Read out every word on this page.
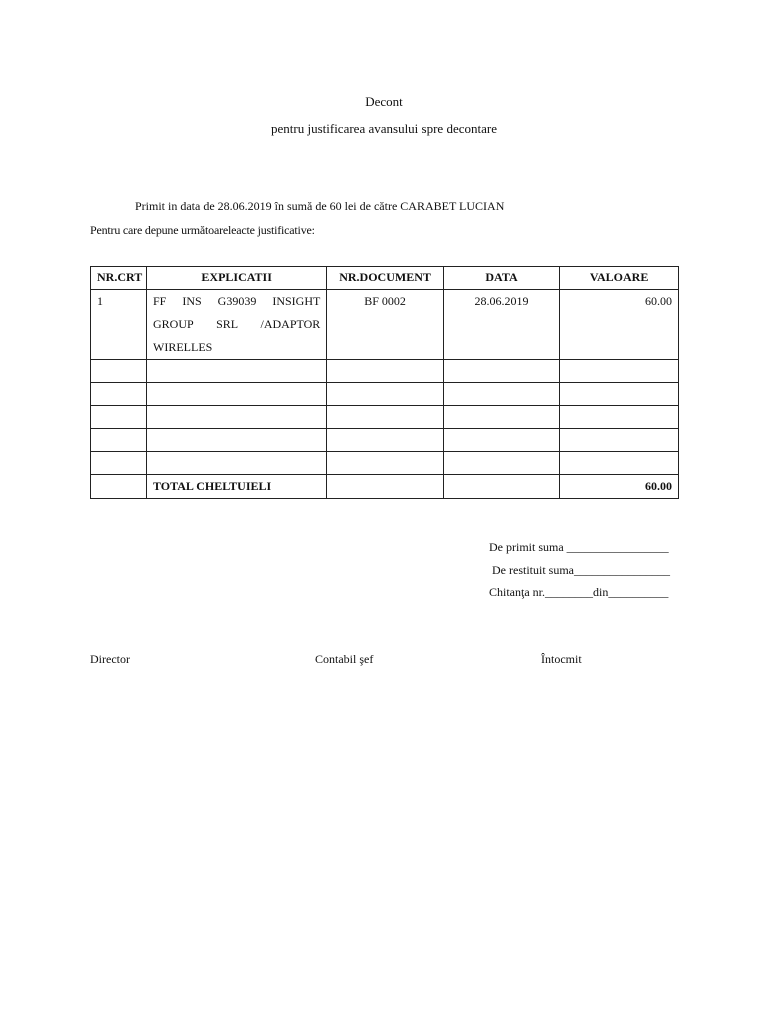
Decont
pentru justificarea avansului spre decontare
Primit in data de 28.06.2019 în sumă de 60 lei de către CARABET LUCIAN
Pentru care depune următoareleacte justificative:
NR.CRT	EXPLICATII	NR.DOCUMENT	DATA	VALOARE
1	FF INS G39039 INSIGHT
GROUP SRL /ADAPTOR
WIRELLES	BF 0002	28.06.2019	60.00

	TOTAL CHELTUIELI			60.00
De primit suma _________________
De restituit suma________________
Chitanţa nr.________din__________
Director	Contabil şef	Întocmit
